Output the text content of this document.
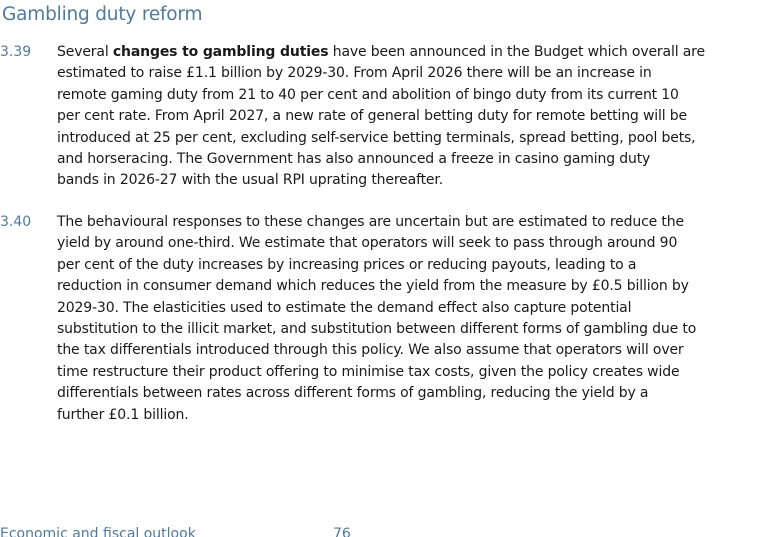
Gambling duty reform
3.39 Several changes to gambling duties have been announced in the Budget which overall are
estimated to raise £1.1 billion by 2029-30. From April 2026 there will be an increase in
remote gaming duty from 21 to 40 per cent and abolition of bingo duty from its current 10
per cent rate. From April 2027, a new rate of general betting duty for remote betting will be
introduced at 25 per cent, excluding self-service betting terminals, spread betting, pool bets,
and horseracing. The Government has also announced a freeze in casino gaming duty
bands in 2026-27 with the usual RPI uprating thereafter.
3.40 The behavioural responses to these changes are uncertain but are estimated to reduce the
yield by around one-third. We estimate that operators will seek to pass through around 90
per cent of the duty increases by increasing prices or reducing payouts, leading to a
reduction in consumer demand which reduces the yield from the measure by £0.5 billion by
2029-30. The elasticities used to estimate the demand effect also capture potential
substitution to the illicit market, and substitution between different forms of gambling due to
the tax differentials introduced through this policy. We also assume that operators will over
time restructure their product offering to minimise tax costs, given the policy creates wide
differentials between rates across different forms of gambling, reducing the yield by a
further £0.1 billion.
Economic and fiscal outlook	76
